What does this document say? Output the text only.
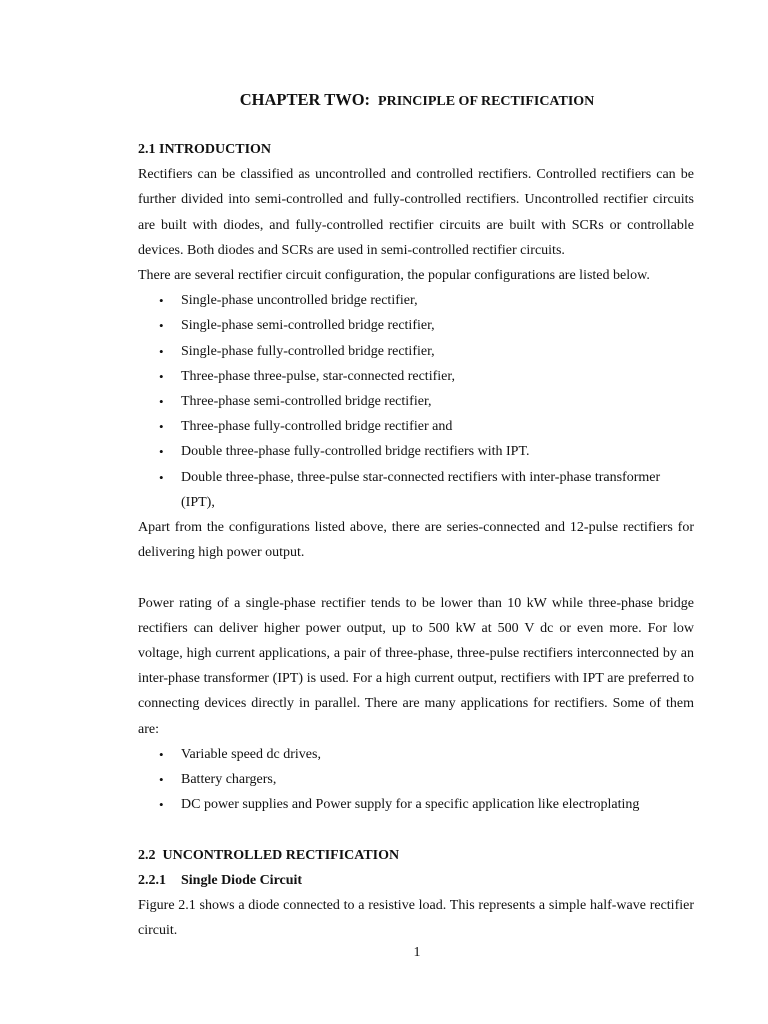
CHAPTER TWO: PRINCIPLE OF RECTIFICATION

2.1 INTRODUCTION

Rectifiers can be classified as uncontrolled and controlled rectifiers. Controlled rectifiers can be further divided into semi-controlled and fully-controlled rectifiers. Uncontrolled rectifier circuits are built with diodes, and fully-controlled rectifier circuits are built with SCRs or controllable devices. Both diodes and SCRs are used in semi-controlled rectifier circuits.

There are several rectifier circuit configuration, the popular configurations are listed below.

• Single-phase uncontrolled bridge rectifier,
• Single-phase semi-controlled bridge rectifier,
• Single-phase fully-controlled bridge rectifier,
• Three-phase three-pulse, star-connected rectifier,
• Three-phase semi-controlled bridge rectifier,
• Three-phase fully-controlled bridge rectifier and
• Double three-phase fully-controlled bridge rectifiers with IPT.
• Double three-phase, three-pulse star-connected rectifiers with inter-phase transformer (IPT),

Apart from the configurations listed above, there are series-connected and 12-pulse rectifiers for delivering high power output.

Power rating of a single-phase rectifier tends to be lower than 10 kW while three-phase bridge rectifiers can deliver higher power output, up to 500 kW at 500 V dc or even more. For low voltage, high current applications, a pair of three-phase, three-pulse rectifiers interconnected by an inter-phase transformer (IPT) is used. For a high current output, rectifiers with IPT are preferred to connecting devices directly in parallel. There are many applications for rectifiers. Some of them are:

• Variable speed dc drives,
• Battery chargers,
• DC power supplies and Power supply for a specific application like electroplating

2.2  UNCONTROLLED RECTIFICATION

2.2.1 Single Diode Circuit

Figure 2.1 shows a diode connected to a resistive load. This represents a simple half-wave rectifier circuit.

1
